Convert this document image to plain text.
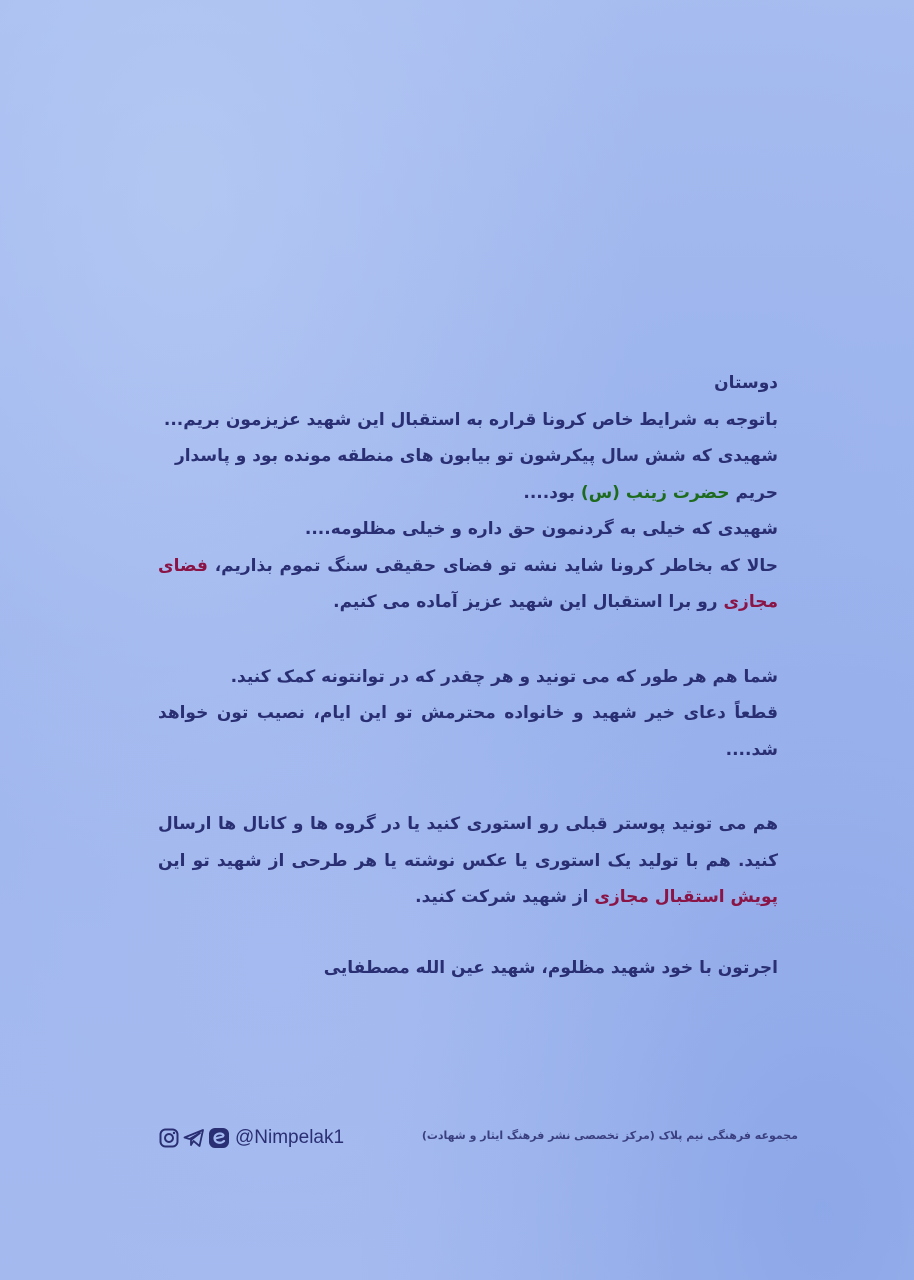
دوستان

باتوجه به شرایط خاص کرونا قراره به استقبال این شهید عزیزمون بریم...
شهیدی که شش سال پیکرشون تو بیابون های منطقه مونده بود و پاسدار
حریم حضرت زینب (س) بود....
شهیدی که خیلی به گردنمون حق داره و خیلی مظلومه....
حالا که بخاطر کرونا شاید نشه تو فضای حقیقی سنگ تموم بذاریم، فضای مجازی رو برا استقبال این شهید عزیز آماده می کنیم.

شما هم هر طور که می تونید و هر چقدر که در توانتونه کمک کنید.
قطعاً دعای خیر شهید و خانواده محترمش تو این ایام، نصیب تون خواهد شد....

هم می تونید پوستر قبلی رو استوری کنید یا در گروه ها و کانال ها ارسال کنید. هم با تولید یک استوری یا عکس نوشته یا هر طرحی از شهید تو این پویش استقبال مجازی از شهید شرکت کنید.

اجرتون با خود شهید مظلوم، شهید عین الله مصطفایی

@Nimpelak1	مجموعه فرهنگی نیم پلاک (مرکز تخصصی نشر فرهنگ ایثار و شهادت)
